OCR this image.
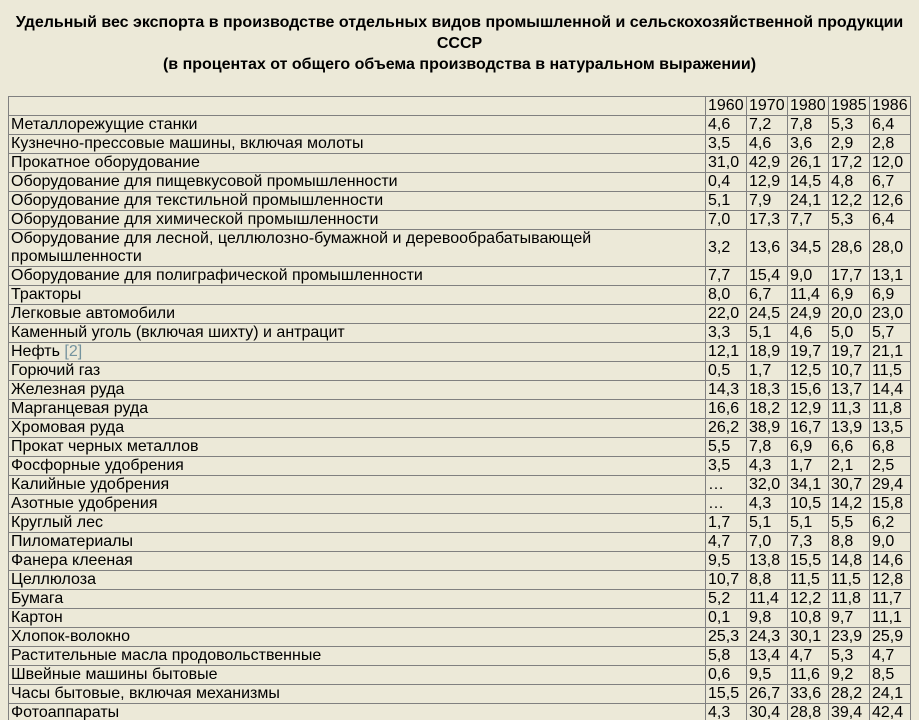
Удельный вес экспорта в производстве отдельных видов промышленной и сельскохозяйственной продукции
СССР
(в процентах от общего объема производства в натуральном выражении)
	1960	1970	1980	1985	1986
Металлорежущие станки	4,6	7,2	7,8	5,3	6,4
Кузнечно-прессовые машины, включая молоты	3,5	4,6	3,6	2,9	2,8
Прокатное оборудование	31,0	42,9	26,1	17,2	12,0
Оборудование для пищевкусовой промышленности	0,4	12,9	14,5	4,8	6,7
Оборудование для текстильной промышленности	5,1	7,9	24,1	12,2	12,6
Оборудование для химической промышленности	7,0	17,3	7,7	5,3	6,4
Оборудование для лесной, целлюлозно-бумажной и деревообрабатывающей промышленности	3,2	13,6	34,5	28,6	28,0
Оборудование для полиграфической промышленности	7,7	15,4	9,0	17,7	13,1
Тракторы	8,0	6,7	11,4	6,9	6,9
Легковые автомобили	22,0	24,5	24,9	20,0	23,0
Каменный уголь (включая шихту) и антрацит	3,3	5,1	4,6	5,0	5,7
Нефть [2]	12,1	18,9	19,7	19,7	21,1
Горючий газ	0,5	1,7	12,5	10,7	11,5
Железная руда	14,3	18,3	15,6	13,7	14,4
Марганцевая руда	16,6	18,2	12,9	11,3	11,8
Хромовая руда	26,2	38,9	16,7	13,9	13,5
Прокат черных металлов	5,5	7,8	6,9	6,6	6,8
Фосфорные удобрения	3,5	4,3	1,7	2,1	2,5
Калийные удобрения	…	32,0	34,1	30,7	29,4
Азотные удобрения	…	4,3	10,5	14,2	15,8
Круглый лес	1,7	5,1	5,1	5,5	6,2
Пиломатериалы	4,7	7,0	7,3	8,8	9,0
Фанера клееная	9,5	13,8	15,5	14,8	14,6
Целлюлоза	10,7	8,8	11,5	11,5	12,8
Бумага	5,2	11,4	12,2	11,8	11,7
Картон	0,1	9,8	10,8	9,7	11,1
Хлопок-волокно	25,3	24,3	30,1	23,9	25,9
Растительные масла продовольственные	5,8	13,4	4,7	5,3	4,7
Швейные машины бытовые	0,6	9,5	11,6	9,2	8,5
Часы бытовые, включая механизмы	15,5	26,7	33,6	28,2	24,1
Фотоаппараты	4,3	30,4	28,8	39,4	42,4
